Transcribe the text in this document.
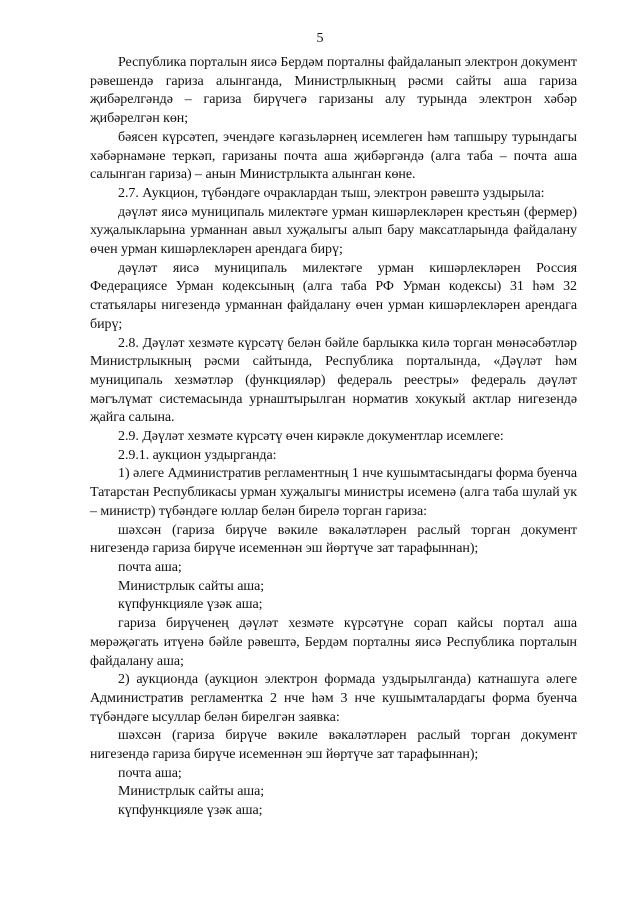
5

Республика порталын яисә Бердәм порталны файдаланып электрон документ рәвешендә гариза алынганда, Министрлыкның рәсми сайты аша гариза җибәрелгәндә – гариза бирүчегә гаризаны алу турында электрон хәбәр җибәрелгән көн;

бәясен күрсәтеп, эчендәге кәгазьләрнең исемлеген һәм тапшыру турындагы хәбәрнамәне теркәп, гаризаны почта аша җибәргәндә (алга таба – почта аша салынган гариза) – анын Министрлыкта алынган көне.

2.7. Аукцион, түбәндәге очраклардан тыш, электрон рәвештә уздырыла:

дәүләт яисә муниципаль милектәге урман кишәрлекләрен крестьян (фермер) хуҗалыкларына урманнан авыл хуҗалыгы алып бару максатларында файдалану өчен урман кишәрлекләрен арендага бирү;

дәүләт яисә муниципаль милектәге урман кишәрлекләрен Россия Федерациясе Урман кодексының (алга таба РФ Урман кодексы) 31 һәм 32 статьялары нигезендә урманнан файдалану өчен урман кишәрлекләрен арендага бирү;

2.8. Дәүләт хезмәте күрсәтү белән бәйле барлыкка килә торган мөнәсәбәтләр Министрлыкның рәсми сайтында, Республика порталында, «Дәүләт һәм муниципаль хезмәтләр (функцияләр) федераль реестры» федераль дәүләт мәгълүмат системасында урнаштырылган норматив хокукый актлар нигезендә җайга салына.

2.9. Дәүләт хезмәте күрсәтү өчен кирәкле документлар исемлеге:

2.9.1. аукцион уздырганда:

1) әлеге Административ регламентның 1 нче кушымтасындагы форма буенча Татарстан Республикасы урман хуҗалыгы министры исеменә (алга таба шулай ук – министр) түбәндәге юллар белән бирелә торган гариза:

шәхсән (гариза бирүче вәкиле вәкаләтләрен раслый торган документ нигезендә гариза бирүче исеменнән эш йөртүче зат тарафыннан);

почта аша;

Министрлык сайты аша;

күпфункцияле үзәк аша;

гариза бирүченең дәүләт хезмәте күрсәтүне сорап кайсы портал аша мөрәҗәгать итүенә бәйле рәвештә, Бердәм порталны яисә Республика порталын файдалану аша;

2) аукционда (аукцион электрон формада уздырылганда) катнашуга әлеге Административ регламентка 2 нче һәм 3 нче кушымталардагы форма буенча түбәндәге ысуллар белән бирелгән заявка:

шәхсән (гариза бирүче вәкиле вәкаләтләрен раслый торган документ нигезендә гариза бирүче исеменнән эш йөртүче зат тарафыннан);

почта аша;

Министрлык сайты аша;

күпфункцияле үзәк аша;
